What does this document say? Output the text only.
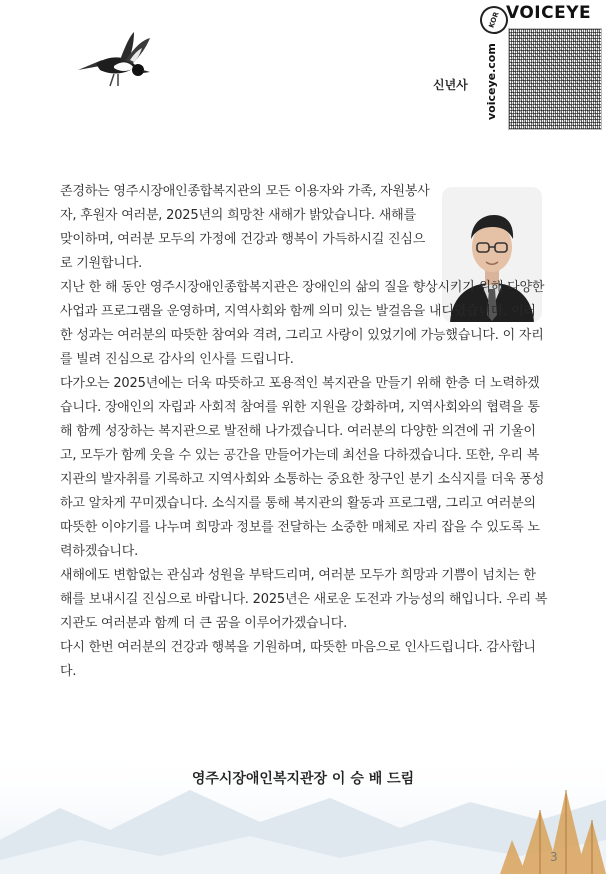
신년사
KOR VOICEYE
voiceye.com

존경하는 영주시장애인종합복지관의 모든 이용자와 가족, 자원봉사자, 후원자 여러분, 2025년의 희망찬 새해가 밝았습니다. 새해를 맞이하며, 여러분 모두의 가정에 건강과 행복이 가득하시길 진심으로 기원합니다.

지난 한 해 동안 영주시장애인종합복지관은 장애인의 삶의 질을 향상시키기 위해 다양한 사업과 프로그램을 운영하며, 지역사회와 함께 의미 있는 발걸음을 내디뎠습니다. 이러한 성과는 여러분의 따뜻한 참여와 격려, 그리고 사랑이 있었기에 가능했습니다. 이 자리를 빌려 진심으로 감사의 인사를 드립니다.

다가오는 2025년에는 더욱 따뜻하고 포용적인 복지관을 만들기 위해 한층 더 노력하겠습니다. 장애인의 자립과 사회적 참여를 위한 지원을 강화하며, 지역사회와의 협력을 통해 함께 성장하는 복지관으로 발전해 나가겠습니다. 여러분의 다양한 의견에 귀 기울이고, 모두가 함께 웃을 수 있는 공간을 만들어가는데 최선을 다하겠습니다. 또한, 우리 복지관의 발자취를 기록하고 지역사회와 소통하는 중요한 창구인 분기 소식지를 더욱 풍성하고 알차게 꾸미겠습니다. 소식지를 통해 복지관의 활동과 프로그램, 그리고 여러분의 따뜻한 이야기를 나누며 희망과 정보를 전달하는 소중한 매체로 자리 잡을 수 있도록 노력하겠습니다.

새해에도 변함없는 관심과 성원을 부탁드리며, 여러분 모두가 희망과 기쁨이 넘치는 한 해를 보내시길 진심으로 바랍니다. 2025년은 새로운 도전과 가능성의 해입니다. 우리 복지관도 여러분과 함께 더 큰 꿈을 이루어가겠습니다.

다시 한번 여러분의 건강과 행복을 기원하며, 따뜻한 마음으로 인사드립니다. 감사합니다.

영주시장애인복지관장 이 승 배 드림
3
